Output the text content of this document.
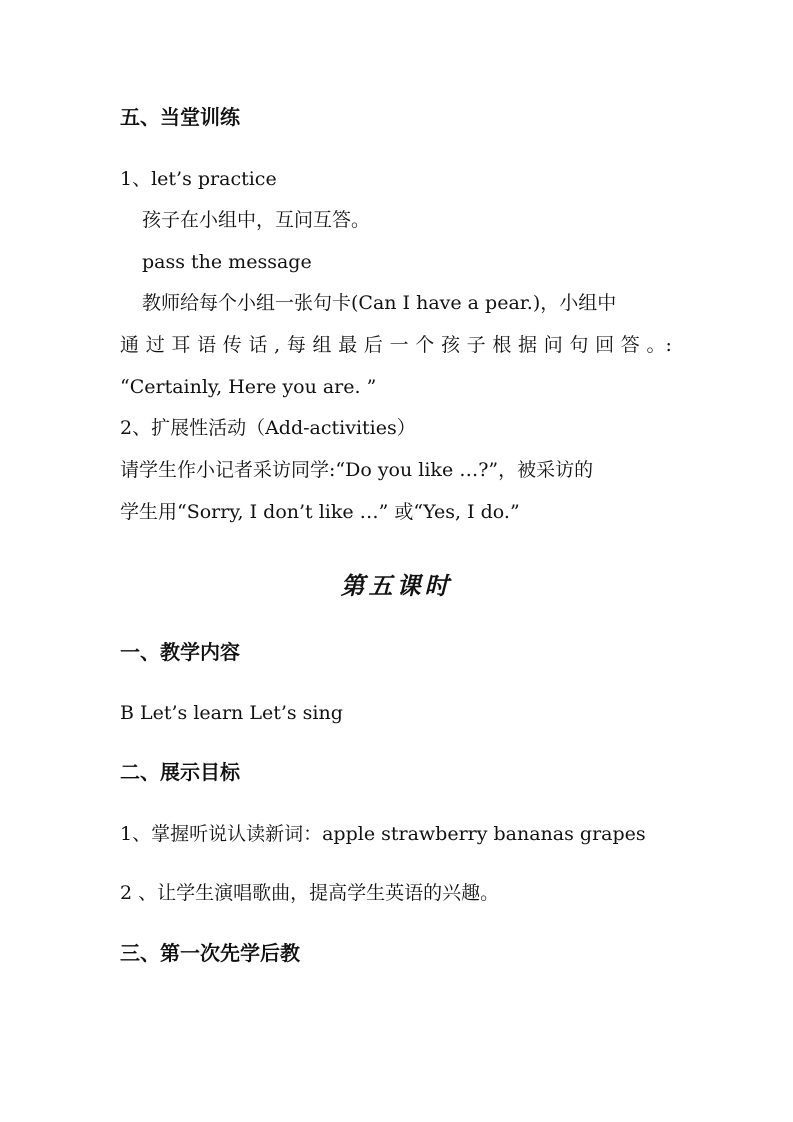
五、当堂训练
1、let’s practice
孩子在小组中，互问互答。
pass the message
教师给每个小组一张句卡(Can I have a pear.)，小组中
通 过 耳 语 传 话 , 每 组 最 后 一 个 孩 子 根 据 问 句 回 答 。:
“Certainly, Here you are. ”
2、扩展性活动（Add-activities）
请学生作小记者采访同学:“Do you like …?”，被采访的
学生用“Sorry, I don’t like …” 或“Yes, I do.”
第五课时
一、教学内容
B Let’s learn Let’s sing
二、展示目标
1、掌握听说认读新词：apple strawberry bananas grapes
2 、让学生演唱歌曲，提高学生英语的兴趣。
三、第一次先学后教
